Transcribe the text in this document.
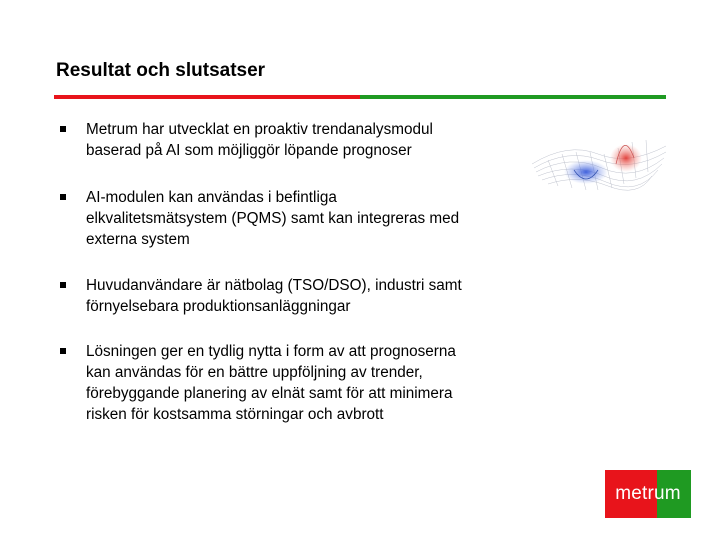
Resultat och slutsatser
Metrum har utvecklat en proaktiv trendanalysmodul
baserad på AI som möjliggör löpande prognoser
AI-modulen kan användas i befintliga
elkvalitetsmätsystem (PQMS) samt kan integreras med
externa system
Huvudanvändare är nätbolag (TSO/DSO), industri samt
förnyelsebara produktionsanläggningar
Lösningen ger en tydlig nytta i form av att prognoserna
kan användas för en bättre uppföljning av trender,
förebyggande planering av elnät samt för att minimera
risken för kostsamma störningar och avbrott
metrum
